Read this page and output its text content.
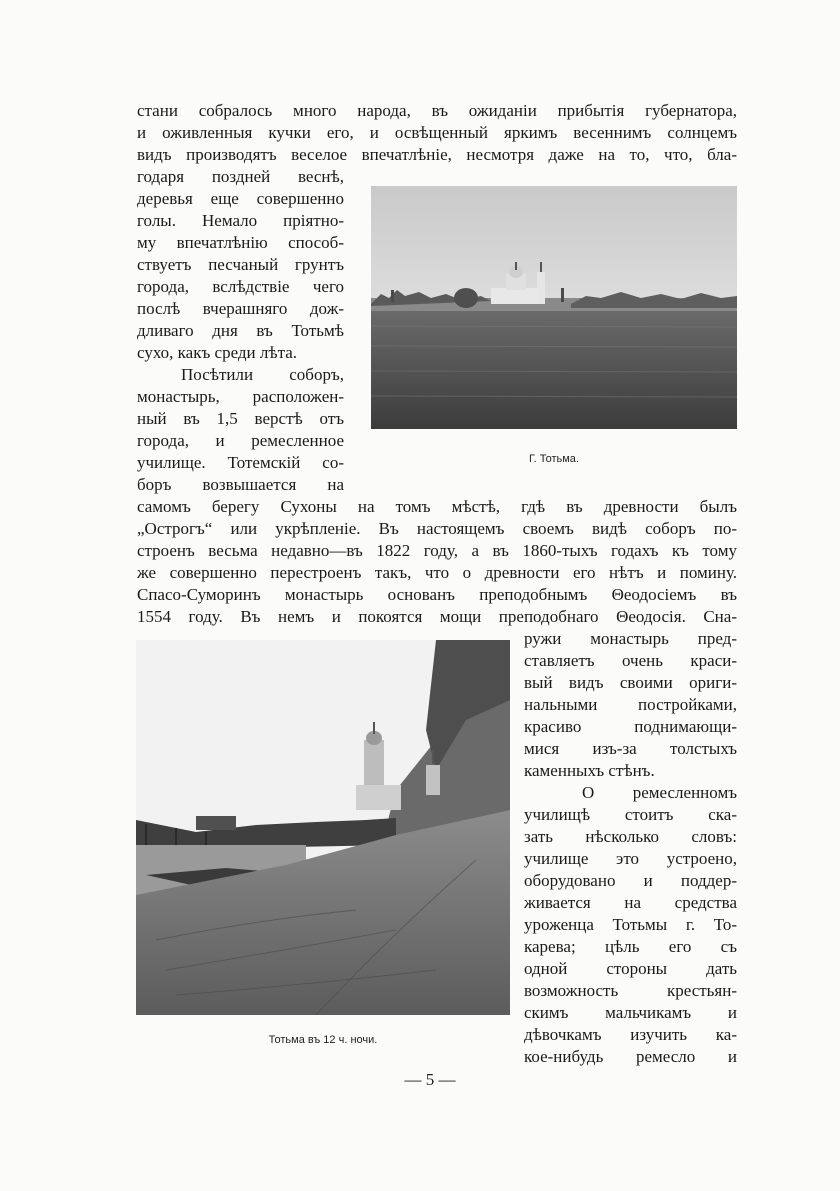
стани собралось много народа, въ ожиданіи прибытія губернатора,
и оживленныя кучки его, и освѣщенный яркимъ весеннимъ солнцемъ
видъ производятъ веселое впечатлѣніе, несмотря даже на то, что, бла-
годаря поздней веснѣ,
деревья еще совершенно
голы. Немало пріятно-
му впечатлѣнію способ-
ствуетъ песчаный грунтъ
города, вслѣдствіе чего
послѣ вчерашняго дож-
дливаго дня въ Тотьмѣ
сухо, какъ среди лѣта.
Посѣтили соборъ,
монастырь, расположен-
ный въ 1,5 верстѣ отъ
города, и ремесленное
училище. Тотемскій со-
боръ возвышается на
Г. Тотьма.
самомъ берегу Сухоны на томъ мѣстѣ, гдѣ въ древности былъ
„Острогъ“ или укрѣпленіе. Въ настоящемъ своемъ видѣ соборъ по-
строенъ весьма недавно—въ 1822 году, а въ 1860-тыхъ годахъ къ тому
же совершенно перестроенъ такъ, что о древности его нѣтъ и помину.
Спасо-Суморинъ монастырь основанъ преподобнымъ Θеодосіемъ въ
1554 году. Въ немъ и покоятся мощи преподобнаго Θеодосія. Сна-
Тотьма въ 12 ч. ночи.
ружи монастырь пред-
ставляетъ очень краси-
вый видъ своими ориги-
нальными постройками,
красиво поднимающи-
мися изъ-за толстыхъ
каменныхъ стѣнъ.
О ремесленномъ
училищѣ стоитъ ска-
зать нѣсколько словъ:
училище это устроено,
оборудовано и поддер-
живается на средства
уроженца Тотьмы г. То-
карева; цѣль его съ
одной стороны дать
возможность крестьян-
скимъ мальчикамъ и
дѣвочкамъ изучить ка-
кое-нибудь ремесло и
— 5 —
